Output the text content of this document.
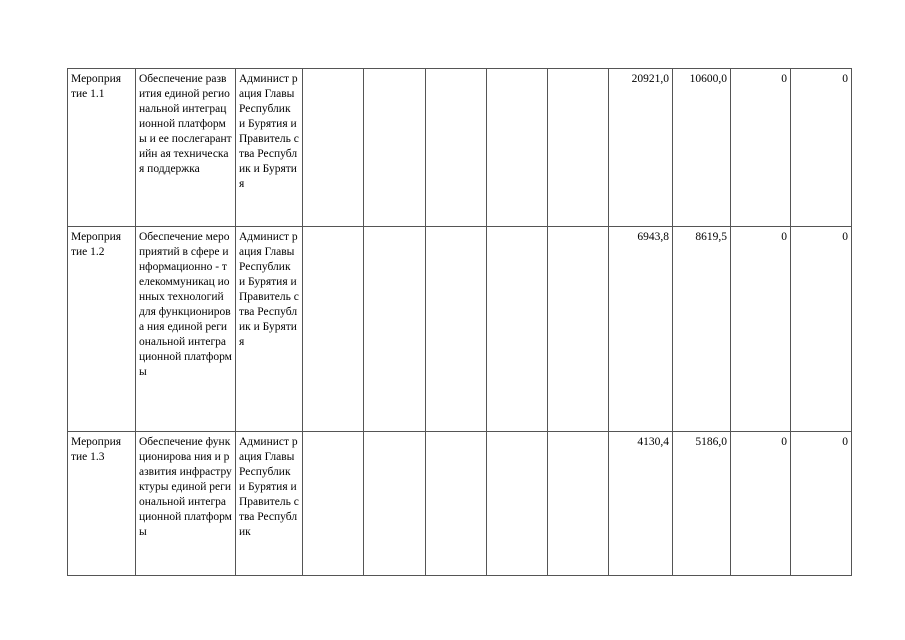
Мероприя тие 1.1	Обеспечение развития единой региональной интеграционной платформы и ее послегарантийн ая техническая поддержка	Админист рация Главы Республик и Бурятия и Правитель ства Республик и Бурятия						20921,0	10600,0	0	0
Мероприя тие 1.2	Обеспечение мероприятий в сфере информационно - телекоммуникац ионных технологий для функционирова ния единой региональной интеграционной платформы	Админист рация Главы Республик и Бурятия и Правитель ства Республик и Бурятия						6943,8	8619,5	0	0
Мероприя тие 1.3	Обеспечение функционирова ния и развития инфраструктуры единой региональной интеграционной платформы	Админист рация Главы Республик и Бурятия и Правитель ства Республик						4130,4	5186,0	0	0
